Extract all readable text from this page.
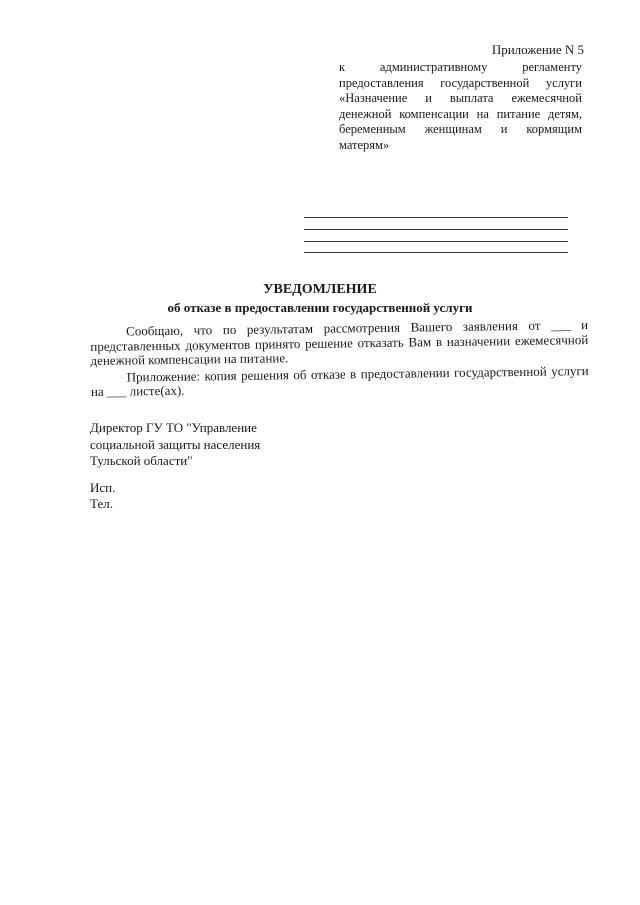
Приложение N 5
к административному регламенту предоставления государственной услуги «Назначение и выплата ежемесячной денежной компенсации на питание детям, беременным женщинам и кормящим матерям»
УВЕДОМЛЕНИЕ
об отказе в предоставлении государственной услуги

Сообщаю, что по результатам рассмотрения Вашего заявления от ___ и представленных документов принято решение отказать Вам в назначении ежемесячной денежной компенсации на питание.

Приложение: копия решения об отказе в предоставлении государственной услуги на ___ листе(ах).

Директор ГУ ТО "Управление
социальной защиты населения
Тульской области"
Исп.
Тел.
